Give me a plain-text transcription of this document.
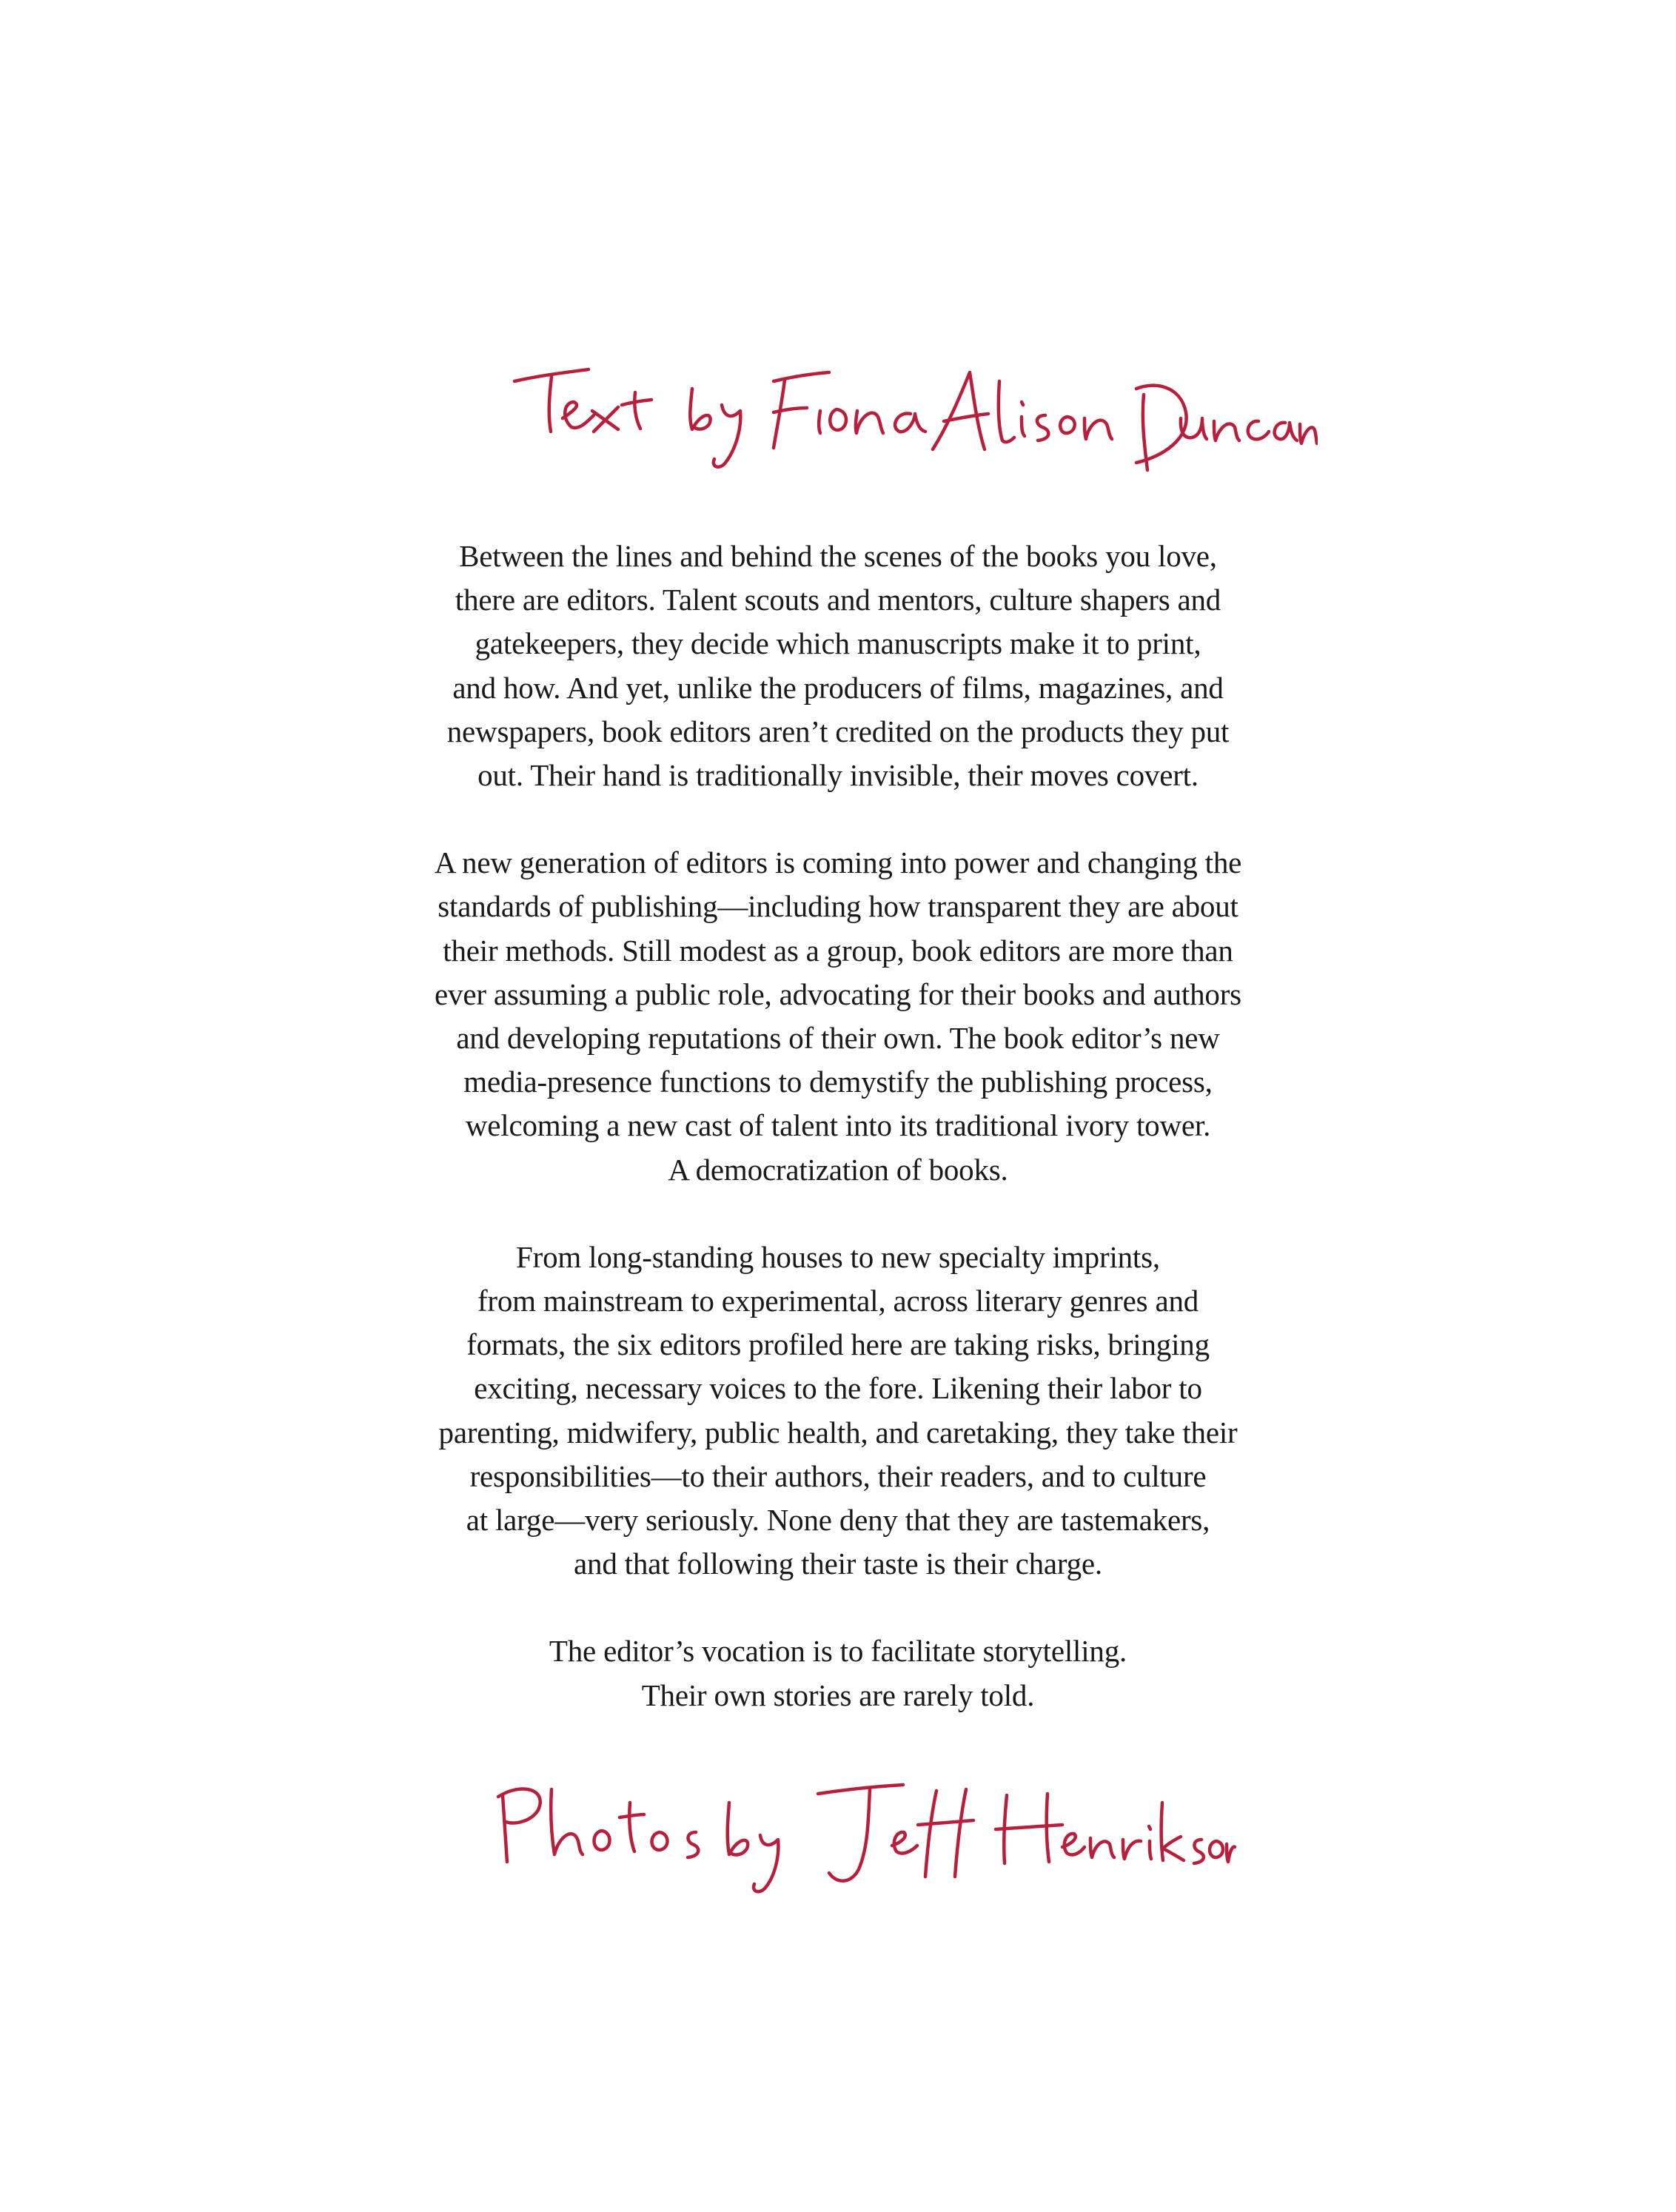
Between the lines and behind the scenes of the books you love,
there are editors. Talent scouts and mentors, culture shapers and
gatekeepers, they decide which manuscripts make it to print,
and how. And yet, unlike the producers of films, magazines, and
newspapers, book editors aren’t credited on the products they put
out. Their hand is traditionally invisible, their moves covert.

A new generation of editors is coming into power and changing the
standards of publishing—including how transparent they are about
their methods. Still modest as a group, book editors are more than
ever assuming a public role, advocating for their books and authors
and developing reputations of their own. The book editor’s new
media-presence functions to demystify the publishing process,
welcoming a new cast of talent into its traditional ivory tower.
A democratization of books.

From long-standing houses to new specialty imprints,
from mainstream to experimental, across literary genres and
formats, the six editors profiled here are taking risks, bringing
exciting, necessary voices to the fore. Likening their labor to
parenting, midwifery, public health, and caretaking, they take their
responsibilities—to their authors, their readers, and to culture
at large—very seriously. None deny that they are tastemakers,
and that following their taste is their charge.

The editor’s vocation is to facilitate storytelling.
Their own stories are rarely told.
